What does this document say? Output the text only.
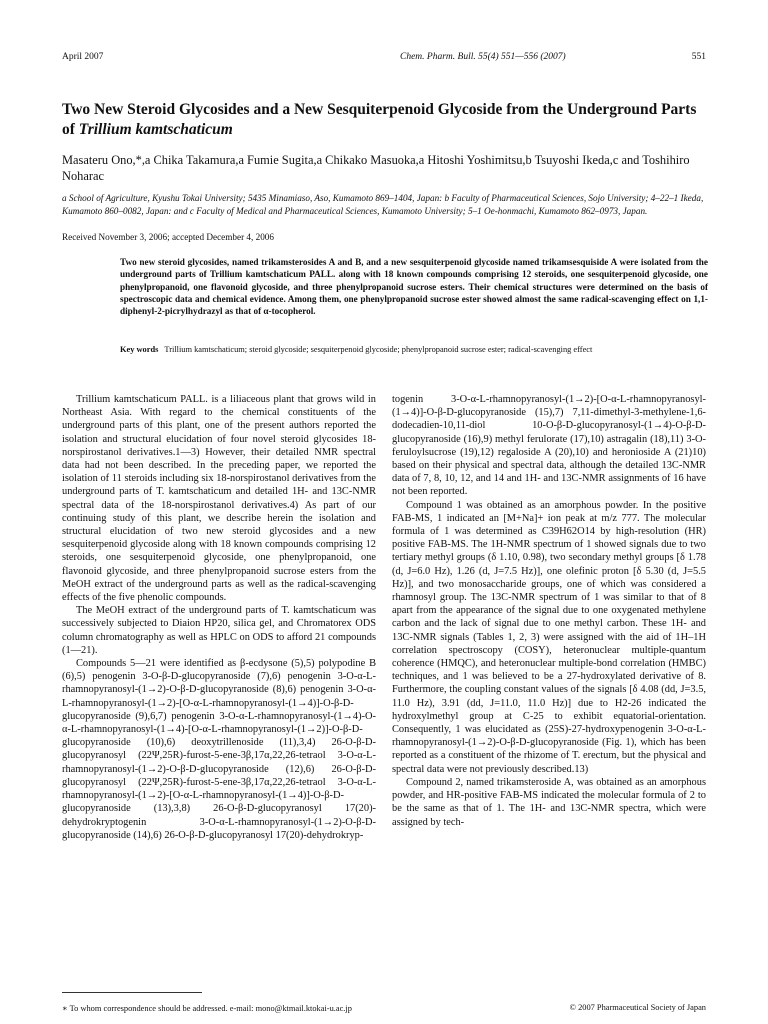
April 2007	Chem. Pharm. Bull. 55(4) 551—556 (2007)	551
Two New Steroid Glycosides and a New Sesquiterpenoid Glycoside from the Underground Parts of Trillium kamtschaticum
Masateru Ono,*,a Chika Takamura,a Fumie Sugita,a Chikako Masuoka,a Hitoshi Yoshimitsu,b Tsuyoshi Ikeda,c and Toshihiro Noharac
a School of Agriculture, Kyushu Tokai University; 5435 Minamiaso, Aso, Kumamoto 869–1404, Japan: b Faculty of Pharmaceutical Sciences, Sojo University; 4–22–1 Ikeda, Kumamoto 860–0082, Japan: and c Faculty of Medical and Pharmaceutical Sciences, Kumamoto University; 5–1 Oe-honmachi, Kumamoto 862–0973, Japan.
Received November 3, 2006; accepted December 4, 2006
Two new steroid glycosides, named trikamsterosides A and B, and a new sesquiterpenoid glycoside named trikamsesquiside A were isolated from the underground parts of Trillium kamtschaticum PALL. along with 18 known compounds comprising 12 steroids, one sesquiterpenoid glycoside, one phenylpropanoid, one flavonoid glycoside, and three phenylpropanoid sucrose esters. Their chemical structures were determined on the basis of spectroscopic data and chemical evidence. Among them, one phenylpropanoid sucrose ester showed almost the same radical-scavenging effect on 1,1-diphenyl-2-picrylhydrazyl as that of α-tocopherol.
Key words Trillium kamtschaticum; steroid glycoside; sesquiterpenoid glycoside; phenylpropanoid sucrose ester; radical-scavenging effect

Trillium kamtschaticum PALL. is a liliaceous plant that grows wild in Northeast Asia. With regard to the chemical constituents of the underground parts of this plant, one of the present authors reported the isolation and structural elucidation of four novel steroid glycosides 18-norspirostanol derivatives.1—3) However, their detailed NMR spectral data had not been described. In the preceding paper, we reported the isolation of 11 steroids including six 18-norspirostanol derivatives from the underground parts of T. kamtschaticum and detailed 1H- and 13C-NMR spectral data of the 18-norspirostanol derivatives.4) As part of our continuing study of this plant, we describe herein the isolation and structural elucidation of two new steroid glycosides and a new sesquiterpenoid glycoside along with 18 known compounds comprising 12 steroids, one sesquiterpenoid glycoside, one phenylpropanoid, one flavonoid glycoside, and three phenylpropanoid sucrose esters from the MeOH extract of the underground parts as well as the radical-scavenging effects of the five phenolic compounds.

The MeOH extract of the underground parts of T. kamtschaticum was successively subjected to Diaion HP20, silica gel, and Chromatorex ODS column chromatography as well as HPLC on ODS to afford 21 compounds (1—21).

Compounds 5—21 were identified as β-ecdysone (5),5) polypodine B (6),5) penogenin 3-O-β-D-glucopyranoside (7),6) penogenin 3-O-α-L-rhamnopyranosyl-(1→2)-O-β-D-glucopyranoside (8),6) penogenin 3-O-α-L-rhamnopyranosyl-(1→2)-[O-α-L-rhamnopyranosyl-(1→4)]-O-β-D-glucopyranoside (9),6,7) penogenin 3-O-α-L-rhamnopyranosyl-(1→4)-O-α-L-rhamnopyranosyl-(1→4)-[O-α-L-rhamnopyranosyl-(1→2)]-O-β-D-glucopyranoside (10),6) deoxytrillenoside (11),3,4) 26-O-β-D-glucopyranosyl (22Ψ,25R)-furost-5-ene-3β,17α,22,26-tetraol 3-O-α-L-rhamnopyranosyl-(1→2)-O-β-D-glucopyranoside (12),6) 26-O-β-D-glucopyranosyl (22Ψ,25R)-furost-5-ene-3β,17α,22,26-tetraol 3-O-α-L-rhamnopyranosyl-(1→2)-[O-α-L-rhamnopyranosyl-(1→4)]-O-β-D-glucopyranoside (13),3,8) 26-O-β-D-glucopyranosyl 17(20)-dehydrokryptogenin 3-O-α-L-rhamnopyranosyl-(1→2)-O-β-D-glucopyranoside (14),6) 26-O-β-D-glucopyranosyl 17(20)-dehydrokryp-

togenin 3-O-α-L-rhamnopyranosyl-(1→2)-[O-α-L-rhamnopyranosyl-(1→4)]-O-β-D-glucopyranoside (15),7) 7,11-dimethyl-3-methylene-1,6-dodecadien-10,11-diol 10-O-β-D-glucopyranosyl-(1→4)-O-β-D-glucopyranoside (16),9) methyl ferulorate (17),10) astragalin (18),11) 3-O-feruloylsucrose (19),12) regaloside A (20),10) and heronioside A (21)10) based on their physical and spectral data, although the detailed 13C-NMR data of 7, 8, 10, 12, and 14 and 1H- and 13C-NMR assignments of 16 have not been reported.

Compound 1 was obtained as an amorphous powder. In the positive FAB-MS, 1 indicated an [M+Na]+ ion peak at m/z 777. The molecular formula of 1 was determined as C39H62O14 by high-resolution (HR) positive FAB-MS. The 1H-NMR spectrum of 1 showed signals due to two tertiary methyl groups (δ 1.10, 0.98), two secondary methyl groups [δ 1.78 (d, J=6.0 Hz), 1.26 (d, J=7.5 Hz)], one olefinic proton [δ 5.30 (d, J=5.5 Hz)], and two monosaccharide groups, one of which was considered a rhamnosyl group. The 13C-NMR spectrum of 1 was similar to that of 8 apart from the appearance of the signal due to one oxygenated methylene carbon and the lack of signal due to one methyl carbon. These 1H- and 13C-NMR signals (Tables 1, 2, 3) were assigned with the aid of 1H–1H correlation spectroscopy (COSY), heteronuclear multiple-quantum coherence (HMQC), and heteronuclear multiple-bond correlation (HMBC) techniques, and 1 was believed to be a 27-hydroxylated derivative of 8. Furthermore, the coupling constant values of the signals [δ 4.08 (dd, J=3.5, 11.0 Hz), 3.91 (dd, J=11.0, 11.0 Hz)] due to H2-26 indicated the hydroxylmethyl group at C-25 to exhibit equatorial-orientation. Consequently, 1 was elucidated as (25S)-27-hydroxypenogenin 3-O-α-L-rhamnopyranosyl-(1→2)-O-β-D-glucopyranoside (Fig. 1), which has been reported as a constituent of the rhizome of T. erectum, but the physical and spectral data were not previously described.13)

Compound 2, named trikamsteroside A, was obtained as an amorphous powder, and HR-positive FAB-MS indicated the molecular formula of 2 to be the same as that of 1. The 1H- and 13C-NMR spectra, which were assigned by tech-

∗ To whom correspondence should be addressed. e-mail: mono@ktmail.ktokai-u.ac.jp	© 2007 Pharmaceutical Society of Japan
